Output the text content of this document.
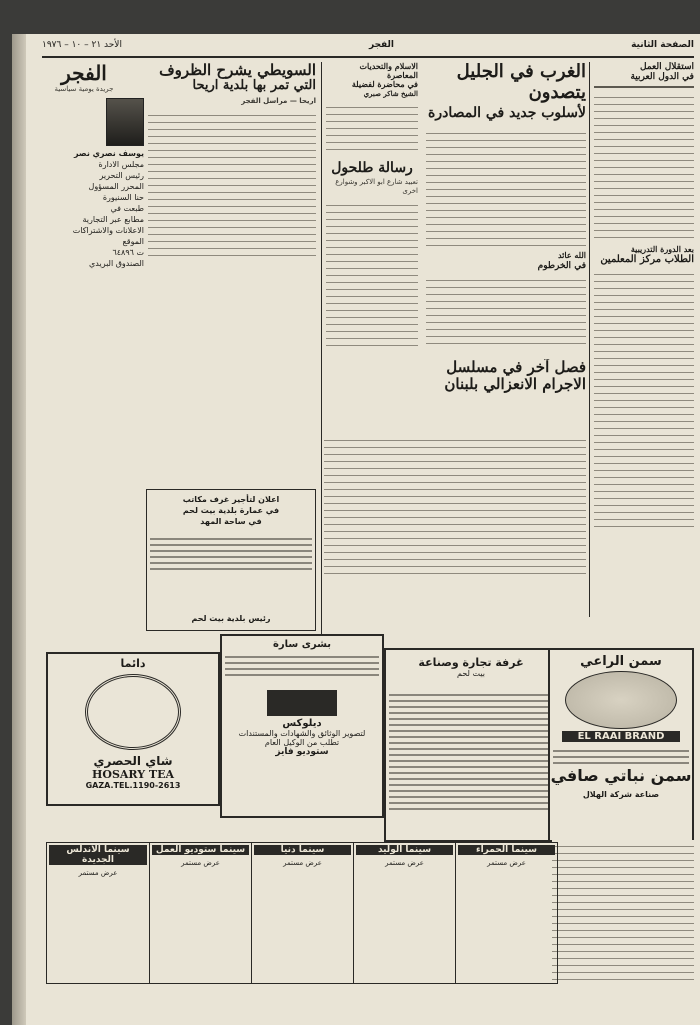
الصفحة الثانية
الفجر
الأحد ٢١ – ١٠ – ١٩٧٦
استقلال العمل
في الدول العربية
بعد الدورة التدريبية
الطلاب مركز المعلمين
الغرب في الجليل يتصدون
لأسلوب جديد في المصادرة
الله عائد
في الخرطوم
الاسلام والتحديات المعاصرة
في محاضرة لفضيلة
الشيخ شاكر صبري
رسالة طلحول
تعبيد شارع ابو الاكبر وشوارع اخرى
فصل آخر في مسلسل
الاجرام الانعزالي بلبنان
السويطي يشرح الظروف
التي تمر بها بلدية اريحا
اريحا — مراسل الفجر
اعلان لتأجير غرف مكاتب
في عمارة بلدية بيت لحم
في ساحة المهد
رئيس بلدية بيت لحم
الفجر
جريدة يومية سياسية
يوسف نصري نصر
مجلس الادارة
رئيس التحرير
المحرر المسؤول
حنا السنيورة
طبعت في
مطابع عبر التجارية
الاعلانات والاشتراكات
الموقع
ت ٦٤٨٩٦
الصندوق البريدي
دائما
شاي الحصري
HOSARY TEA
GAZA.TEL.1190-2613
بشرى سارة
ديلوكس
لتصوير الوثائق والشهادات والمستندات
تطلب من الوكيل العام
ستوديو فايز
غرفة تجارة وصناعة
بيت لحم
سمن الراعي
EL RAAI BRAND
سمن نباتي صافي
صناعة شركة الهلال
سينما الاندلس الجديدة
عرض مستمر
سينما ستوديو العمل
عرض مستمر
سينما دنيا
عرض مستمر
سينما الوليد
عرض مستمر
سينما الحمراء
عرض مستمر
